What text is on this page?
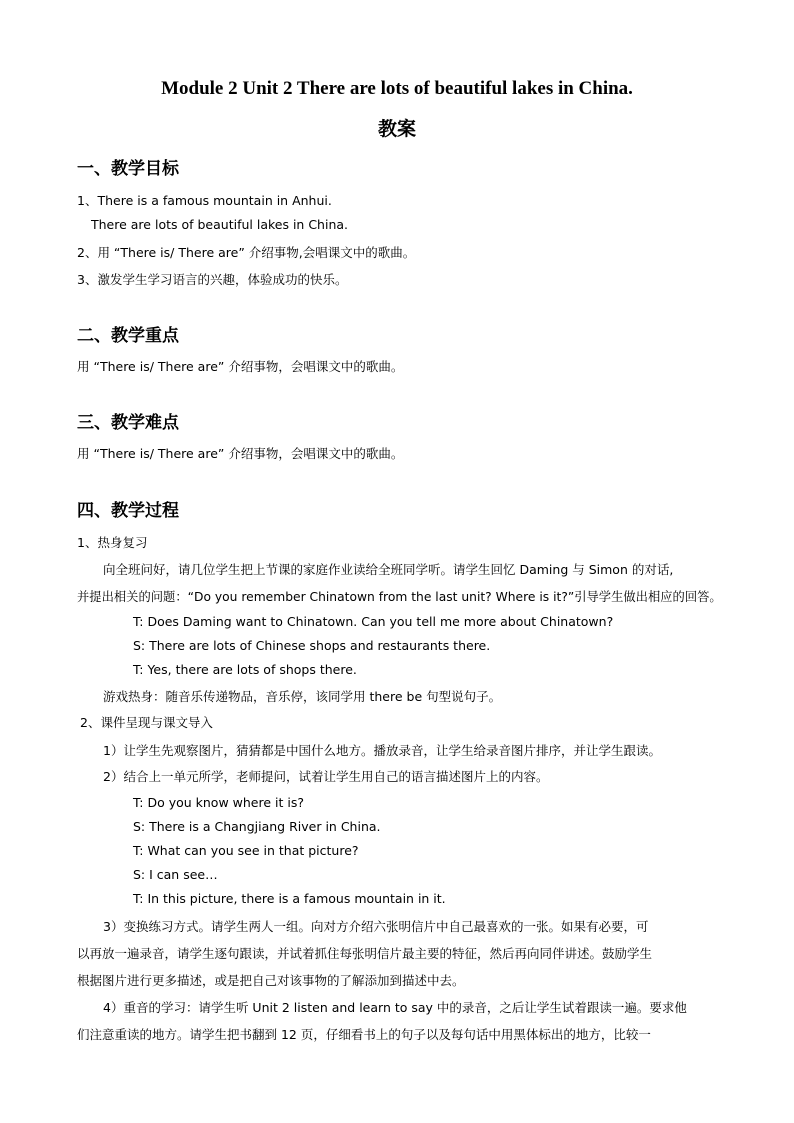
Module 2 Unit 2 There are lots of beautiful lakes in China.
教案
一、教学目标
1、There is a famous mountain in Anhui.
There are lots of beautiful lakes in China.
2、用 “There is/ There are” 介绍事物,会唱课文中的歌曲。
3、激发学生学习语言的兴趣，体验成功的快乐。
二、教学重点
用 “There is/ There are” 介绍事物，会唱课文中的歌曲。
三、教学难点
用 “There is/ There are” 介绍事物，会唱课文中的歌曲。
四、教学过程
1、热身复习
向全班问好，请几位学生把上节课的家庭作业读给全班同学听。请学生回忆 Daming 与 Simon 的对话,
并提出相关的问题：“Do you remember Chinatown from the last unit? Where is it?”引导学生做出相应的回答。
T: Does Daming want to Chinatown. Can you tell me more about Chinatown?
S: There are lots of Chinese shops and restaurants there.
T: Yes, there are lots of shops there.
游戏热身：随音乐传递物品，音乐停，该同学用 there be 句型说句子。
2、课件呈现与课文导入
1）让学生先观察图片，猜猜都是中国什么地方。播放录音，让学生给录音图片排序，并让学生跟读。
2）结合上一单元所学，老师提问，试着让学生用自己的语言描述图片上的内容。
T: Do you know where it is?
S: There is a Changjiang River in China.
T: What can you see in that picture?
S: I can see…
T: In this picture, there is a famous mountain in it.
3）变换练习方式。请学生两人一组。向对方介绍六张明信片中自己最喜欢的一张。如果有必要，可
以再放一遍录音，请学生逐句跟读，并试着抓住每张明信片最主要的特征，然后再向同伴讲述。鼓励学生
根据图片进行更多描述，或是把自己对该事物的了解添加到描述中去。
4）重音的学习：请学生听 Unit 2 listen and learn to say 中的录音，之后让学生试着跟读一遍。要求他
们注意重读的地方。请学生把书翻到 12 页，仔细看书上的句子以及每句话中用黑体标出的地方，比较一
